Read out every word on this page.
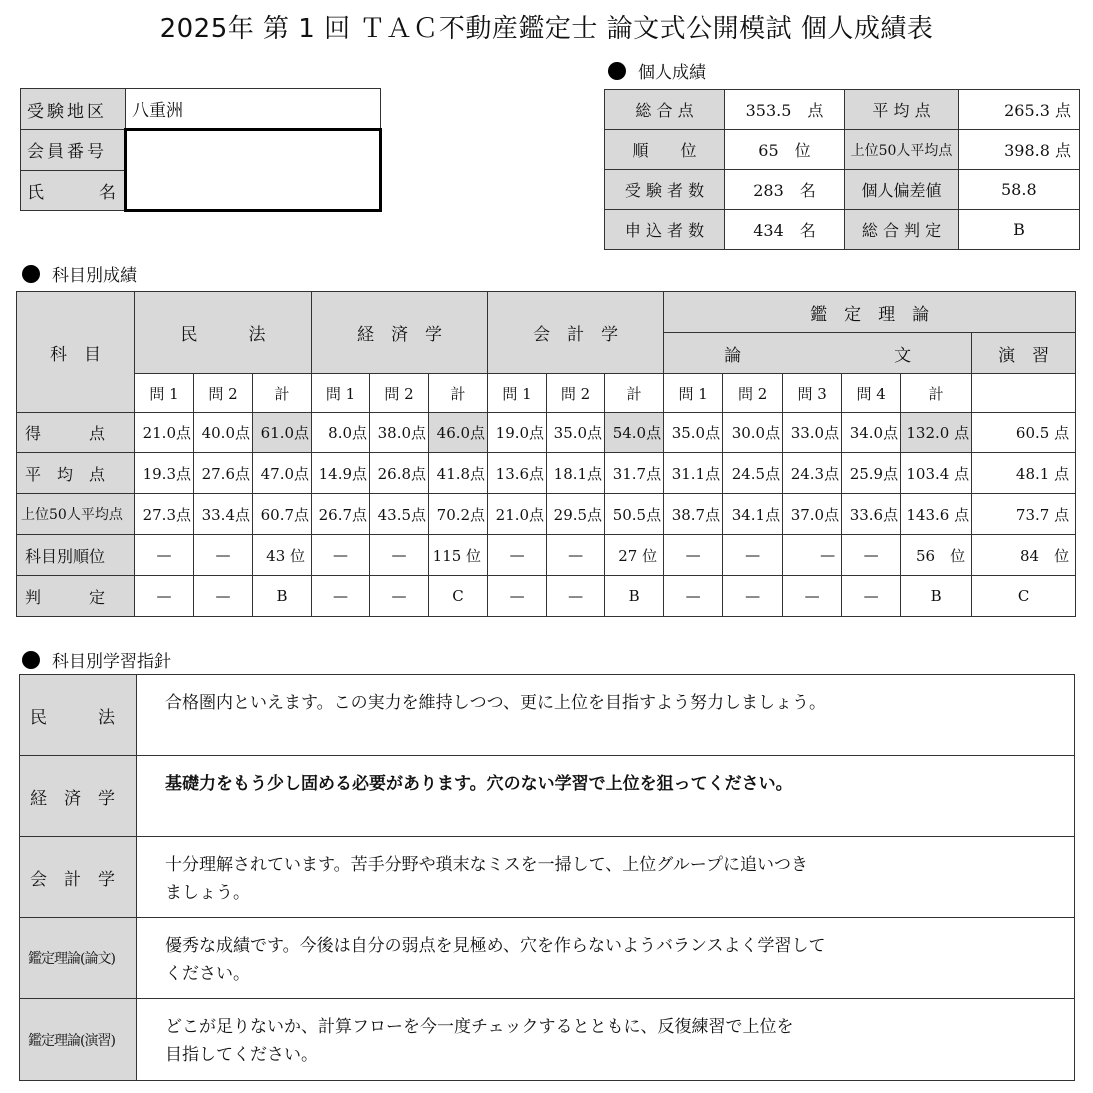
2025年 第 1 回 ＴＡＣ不動産鑑定士 論文式公開模試 個人成績表
個人成績
受験地区	八重洲
会員番号	

氏 名	

総 合 点	353.5　 点	平 均 点	265.3 点
順　　位	65　 位	上位50人平均点	398.8 点
受 験 者 数	283　 名	個人偏差値	58.8
申 込 者 数	434　 名	総 合 判 定	B
科目別成績
科　目	民　　　法			経　済　学			会　計　学			鑑　定　理　論					
										論　　　　　　　　　文					演　習
	問 1	問 2	計	問 1	問 2	計	問 1	問 2	計	問 1	問 2	問 3	問 4	計	
得　　　点	21.0点	40.0点	61.0点	8.0点	38.0点	46.0点	19.0点	35.0点	54.0点	35.0点	30.0点	33.0点	34.0点	132.0 点	60.5 点
平　均　点	19.3点	27.6点	47.0点	14.9点	26.8点	41.8点	13.6点	18.1点	31.7点	31.1点	24.5点	24.3点	25.9点	103.4 点	48.1 点
上位50人平均点	27.3点	33.4点	60.7点	26.7点	43.5点	70.2点	21.0点	29.5点	50.5点	38.7点	34.1点	37.0点	33.6点	143.6 点	73.7 点
科目別順位	—	—	43 位	—	—	115 位	—	—	27 位	—	—	—	—	56　位	84　位
判　　　定	—	—	B	—	—	C	—	—	B	—	—	—	—	B	C
科目別学習指針
民　　　法	合格圏内といえます。この実力を維持しつつ、更に上位を目指すよう努力しましょう。

経　済　学	基礎力をもう少し固める必要があります。穴のない学習で上位を狙ってください。

会　計　学	十分理解されています。苦手分野や瑣末なミスを一掃して、上位グループに追いつき
ましょう。

鑑定理論(論文)	優秀な成績です。今後は自分の弱点を見極め、穴を作らないようバランスよく学習して
ください。

鑑定理論(演習)	どこが足りないか、計算フローを今一度チェックするとともに、反復練習で上位を
目指してください。
